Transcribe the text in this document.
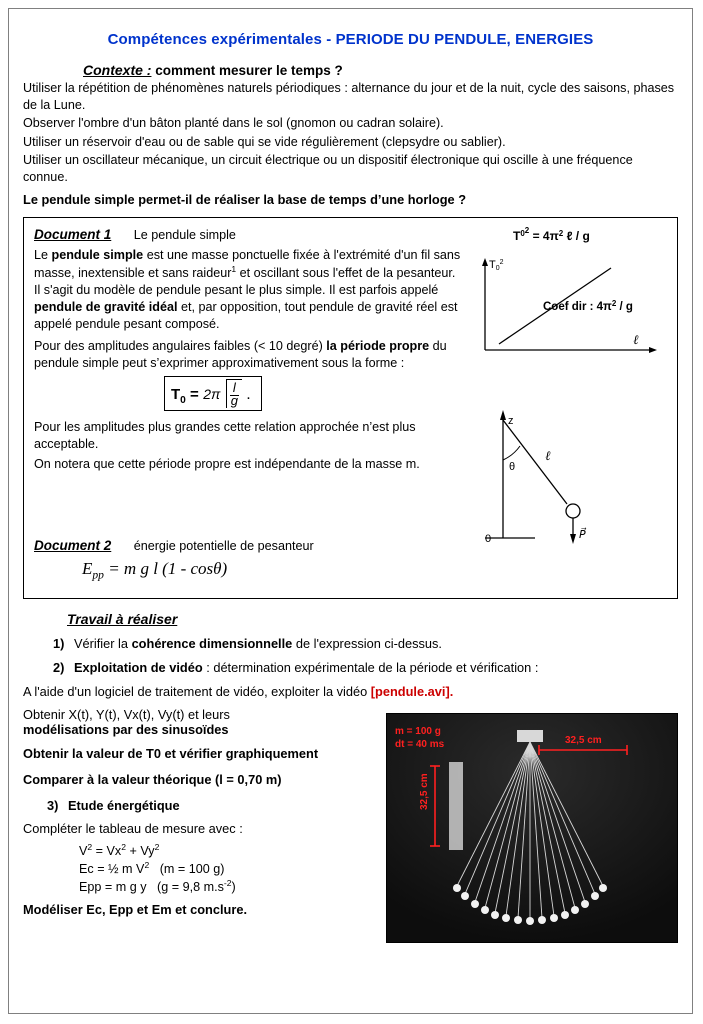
Compétences expérimentales - PERIODE DU PENDULE, ENERGIES
Contexte : comment mesurer le temps ?
Utiliser la répétition de phénomènes naturels périodiques : alternance du jour et de la nuit, cycle des saisons, phases de la Lune.
Observer l'ombre d'un bâton planté dans le sol (gnomon ou cadran solaire).
Utiliser un réservoir d'eau ou de sable qui se vide régulièrement (clepsydre ou sablier).
Utiliser un oscillateur mécanique, un circuit électrique ou un dispositif électronique qui oscille à une fréquence connue.
Le pendule simple permet-il de réaliser la base de temps d’une horloge ?
Document 1 Le pendule simple
Le pendule simple est une masse ponctuelle fixée à l'extrémité d'un fil sans masse, inextensible et sans raideur$^1$ et oscillant sous l'effet de la pesanteur. Il s'agit du modèle de pendule pesant le plus simple. Il est parfois appelé pendule de gravité idéal et, par opposition, tout pendule de gravité réel est appelé pendule pesant composé.
Pour des amplitudes angulaires faibles (< 10 degré) la période propre du pendule simple peut s’exprimer approximativement sous la forme :
$T_0 = 2\pi \frac{l}{g}$ .
Pour les amplitudes plus grandes cette relation approchée n’est plus acceptable.
On notera que cette période propre est indépendante de la masse m.
$T^{02} = 4\pi^2$ ℓ / g
$T0^2$
ℓ
Coef dir : $4\pi^2$ / g
z
θ
ℓ
P⃗
0
Document 2 énergie potentielle de pesanteur
$E_{pp} = m$ g l (1 - cosθ)
Travail à réaliser
1) Vérifier la cohérence dimensionnelle de l'expression ci-dessus.
2) Exploitation de vidéo : détermination expérimentale de la période et vérification :
A l'aide d'un logiciel de traitement de vidéo, exploiter la vidéo [pendule.avi].
Obtenir X(t), Y(t), Vx(t), Vy(t) et leurs
modélisations par des sinusoïdes
Obtenir la valeur de T0 et vérifier graphiquement
Comparer à la valeur théorique (l = 0,70 m)
3) Etude énergétique
Compléter le tableau de mesure avec :
$V^2 = Vx^2 + Vy^2$
Ec = ½ m $V^2$   (m = 100 g)
Epp = m g y   (g = 9,8 $m.s^{-2}$)
Modéliser Ec, Epp et Em et conclure.
m = 100 g
dt = 40 ms	32,5 cm
32,5 cm
